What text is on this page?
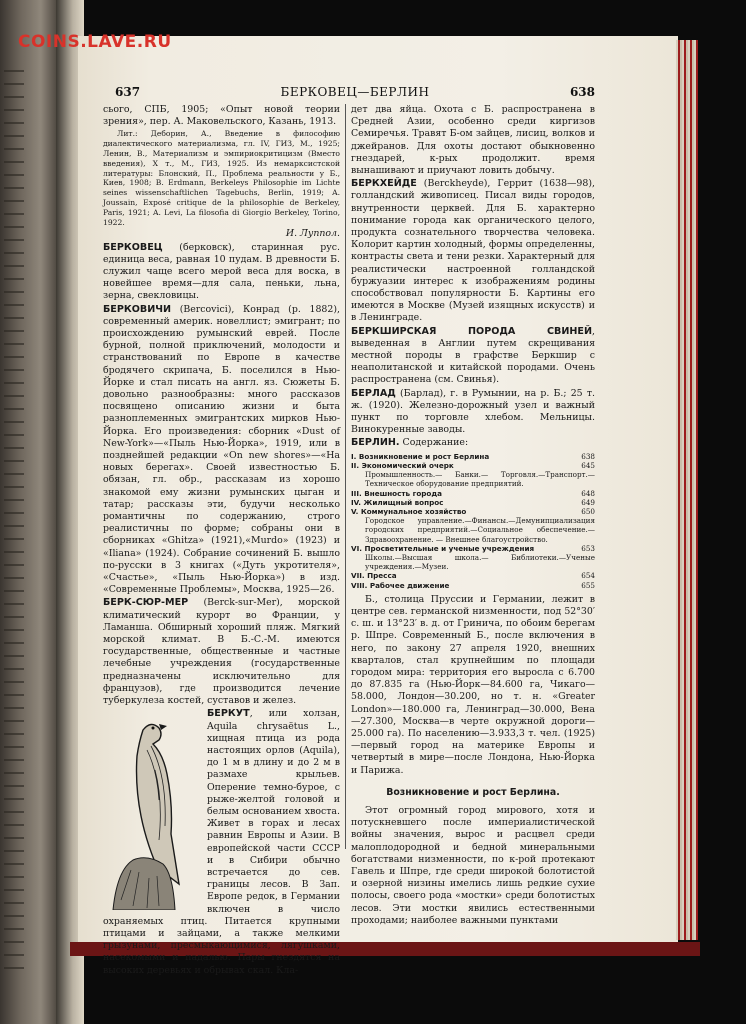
COINS.LAVE.RU
637	БЕРКОВЕЦ—БЕРЛИН	638

сього, СПБ, 1905; «Опыт новой теории зрения», пер. А. Маковельского, Казань, 1913.

Лит.: Деборин, А., Введение в философию диалектического материализма, гл. IV, ГИЗ, М., 1925; Ленин, В., Материализм и эмпириокритицизм (Вместо введения), Х т., М., ГИЗ, 1925. Из немарксистской литературы: Блонский, П., Проблема реальности у Б., Киев, 1908; B. Erdmann, Berkeleys Philosophie im Lichte seines wissenschaftlichen Tagebuchs, Berlin, 1919; A. Joussain, Exposé critique de la philosophie de Berkeley, Paris, 1921; A. Levi, La filosofia di Giorgio Berkeley, Torino, 1922.

И. Луппол.

БЕРКОВЕЦ (берковск), старинная рус. единица веса, равная 10 пудам. В древности Б. служил чаще всего мерой веса для воска, в новейшее время—для сала, пеньки, льна, зерна, свекловицы.

БЕРКОВИЧИ (Bercovici), Конрад (р. 1882), современный америк. новеллист; эмигрант; по происхождению румынский еврей. После бурной, полной приключений, молодости и странствований по Европе в качестве бродячего скрипача, Б. поселился в Нью-Йорке и стал писать на англ. яз. Сюжеты Б. довольно разнообразны: много рассказов посвящено описанию жизни и быта разноплеменных эмигрантских мирков Нью-Йорка. Его произведения: сборник «Dust of New-York»—«Пыль Нью-Йорка», 1919, или в позднейшей редакции «On new shores»—«На новых берегах». Своей известностью Б. обязан, гл. обр., рассказам из хорошо знакомой ему жизни румынских цыган и татар; рассказы эти, будучи несколько романтичны по содержанию, строго реалистичны по форме; собраны они в сборниках «Ghitza» (1921),«Murdo» (1923) и «Iliana» (1924). Собрание сочинений Б. вышло по-русски в 3 книгах («Дуть укротителя», «Счастье», «Пыль Нью-Йорка») в изд. «Современные Проблемы», Москва, 1925—26.

БЕРК-СЮР-МЕР (Berck-sur-Mer), морской климатический курорт во Франции, у Ламанша. Обширный хороший пляж. Мягкий морской климат. В Б.-С.-М. имеются государственные, общественные и частные лечебные учреждения (государственные предназначены исключительно для французов), где производится лечение туберкулеза костей, суставов и желез.

БЕРКУТ, или холзан, Aquila chrysaëtus L., хищная птица из рода настоящих орлов (Aquila), до 1 м в длину и до 2 м в размахе крыльев. Оперение темно-бурое, с рыже-желтой головой и белым основанием хвоста. Живет в горах и лесах равнин Европы и Азии. В европейской части СССР и в Сибири обычно встречается до сев. границы лесов. В Зап. Европе редок, в Германии включен в число охраняемых птиц. Питается крупными птицами и зайцами, а также мелкими грызунами, пресмыкающимися, лягушками, насекомыми и падалью. Пары гнездятся на высоких деревьях и обрывах скал. Кла-

дет два яйца. Охота с Б. распространена в Средней Азии, особенно среди киргизов Семиречья. Травят Б-ом зайцев, лисиц, волков и джейранов. Для охоты достают обыкновенно гнездарей, к-рых продолжит. время вынашивают и приучают ловить добычу.

БЕРКХЕЙДЕ (Berckheyde), Геррит (1638—98), голландский живописец. Писал виды городов, внутренности церквей. Для Б. характерно понимание города как органического целого, продукта сознательного творчества человека. Колорит картин холодный, формы определенны, контрасты света и тени резки. Характерный для реалистически настроенной голландской буржуазии интерес к изображениям родины способствовал популярности Б. Картины его имеются в Москве (Музей изящных искусств) и в Ленинграде.

БЕРКШИРСКАЯ ПОРОДА СВИНЕЙ, выведенная в Англии путем скрещивания местной породы в графстве Беркшир с неаполитанской и китайской породами. Очень распространена (см. Свинья).

БЕРЛАД (Барлад), г. в Румынии, на р. Б.; 25 т. ж. (1920). Железно-дорожный узел и важный пункт по торговле хлебом. Мельницы. Винокуренные заводы.

БЕРЛИН. Содержание:

I. Возникновение и рост Берлина	638
II. Экономический очерк	645
Промышленность.— Банки.— Торговля.—Транспорт.—Техническое оборудование предприятий.
III. Внешность города	648
IV. Жилищный вопрос	649
V. Коммунальное хозяйство	650
Городское управление.—Финансы.—Демунипциализация городских предприятий.—Социальное обеспечение.—Здравоохранение. — Внешнее благоустройство.
VI. Просветительные и ученые учреждения	653
Школы.—Высшая школа.— Библиотеки.—Ученые учреждения.—Музеи.
VII. Пресса	654
VIII. Рабочее движение	655

Б., столица Пруссии и Германии, лежит в центре сев. германской низменности, под 52°30′ с. ш. и 13°23′ в. д. от Гринича, по обоим берегам р. Шпре. Современный Б., после включения в него, по закону 27 апреля 1920, внешних кварталов, стал крупнейшим по площади городом мира: территория его выросла с 6.700 до 87.835 га (Нью-Йорк—84.600 га, Чикаго—58.000, Лондон—30.200, но т. н. «Greater London»—180.000 га, Ленинград—30.000, Вена—27.300, Москва—в черте окружной дороги—25.000 га). По населению—3.933,3 т. чел. (1925)—первый город на материке Европы и четвертый в мире—после Лондона, Нью-Йорка и Парижа.

Возникновение и рост Берлина.

Этот огромный город мирового, хотя и потускневшего после империалистической войны значения, вырос и расцвел среди малоплодородной и бедной минеральными богатствами низменности, по к-рой протекают Гавель и Шпре, где среди широкой болотистой и озерной низины имелись лишь редкие сухие полосы, своего рода «мостки» среди болотистых лесов. Эти мостки явились естественными проходами; наиболее важными пунктами
